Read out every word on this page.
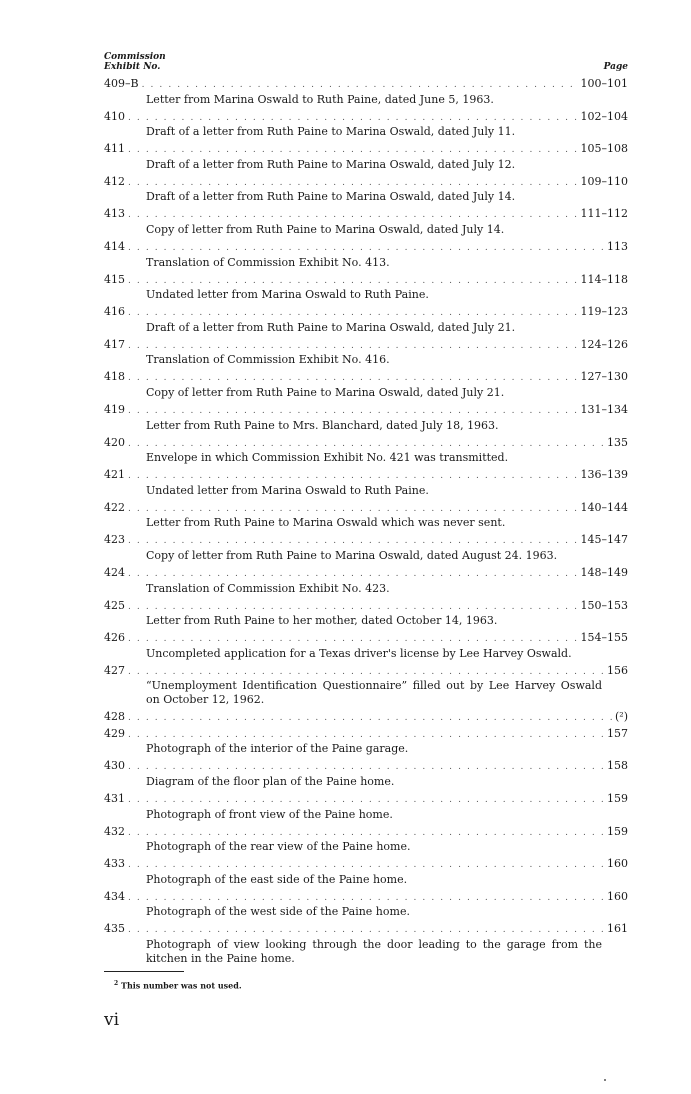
Commission
Exhibit No.	Page
409–B . . .	100–101
Letter from Marina Oswald to Ruth Paine, dated June 5, 1963.
410 . . .	102–104
Draft of a letter from Ruth Paine to Marina Oswald, dated July 11.
411 . . .	105–108
Draft of a letter from Ruth Paine to Marina Oswald, dated July 12.
412 . . .	109–110
Draft of a letter from Ruth Paine to Marina Oswald, dated July 14.
413 . . .	111–112
Copy of letter from Ruth Paine to Marina Oswald, dated July 14.
414 . . .	113
Translation of Commission Exhibit No. 413.
415 . . .	114–118
Undated letter from Marina Oswald to Ruth Paine.
416 . . .	119–123
Draft of a letter from Ruth Paine to Marina Oswald, dated July 21.
417 . . .	124–126
Translation of Commission Exhibit No. 416.
418 . . .	127–130
Copy of letter from Ruth Paine to Marina Oswald, dated July 21.
419 . . .	131–134
Letter from Ruth Paine to Mrs. Blanchard, dated July 18, 1963.
420 . . .	135
Envelope in which Commission Exhibit No. 421 was transmitted.
421 . . .	136–139
Undated letter from Marina Oswald to Ruth Paine.
422 . . .	140–144
Letter from Ruth Paine to Marina Oswald which was never sent.
423 . . .	145–147
Copy of letter from Ruth Paine to Marina Oswald, dated August 24. 1963.
424 . . .	148–149
Translation of Commission Exhibit No. 423.
425 . . .	150–153
Letter from Ruth Paine to her mother, dated October 14, 1963.
426 . . .	154–155
Uncompleted application for a Texas driver's license by Lee Harvey Oswald.
427 . . .	156
“Unemployment Identification Questionnaire” filled out by Lee Harvey Oswald on October 12, 1962.
428 . . .	(²)
429 . . .	157
Photograph of the interior of the Paine garage.
430 . . .	158
Diagram of the floor plan of the Paine home.
431 . . .	159
Photograph of front view of the Paine home.
432 . . .	159
Photograph of the rear view of the Paine home.
433 . . .	160
Photograph of the east side of the Paine home.
434 . . .	160
Photograph of the west side of the Paine home.
435 . . .	161
Photograph of view looking through the door leading to the garage from the kitchen in the Paine home.
$^2$ This number was not used.
vi
